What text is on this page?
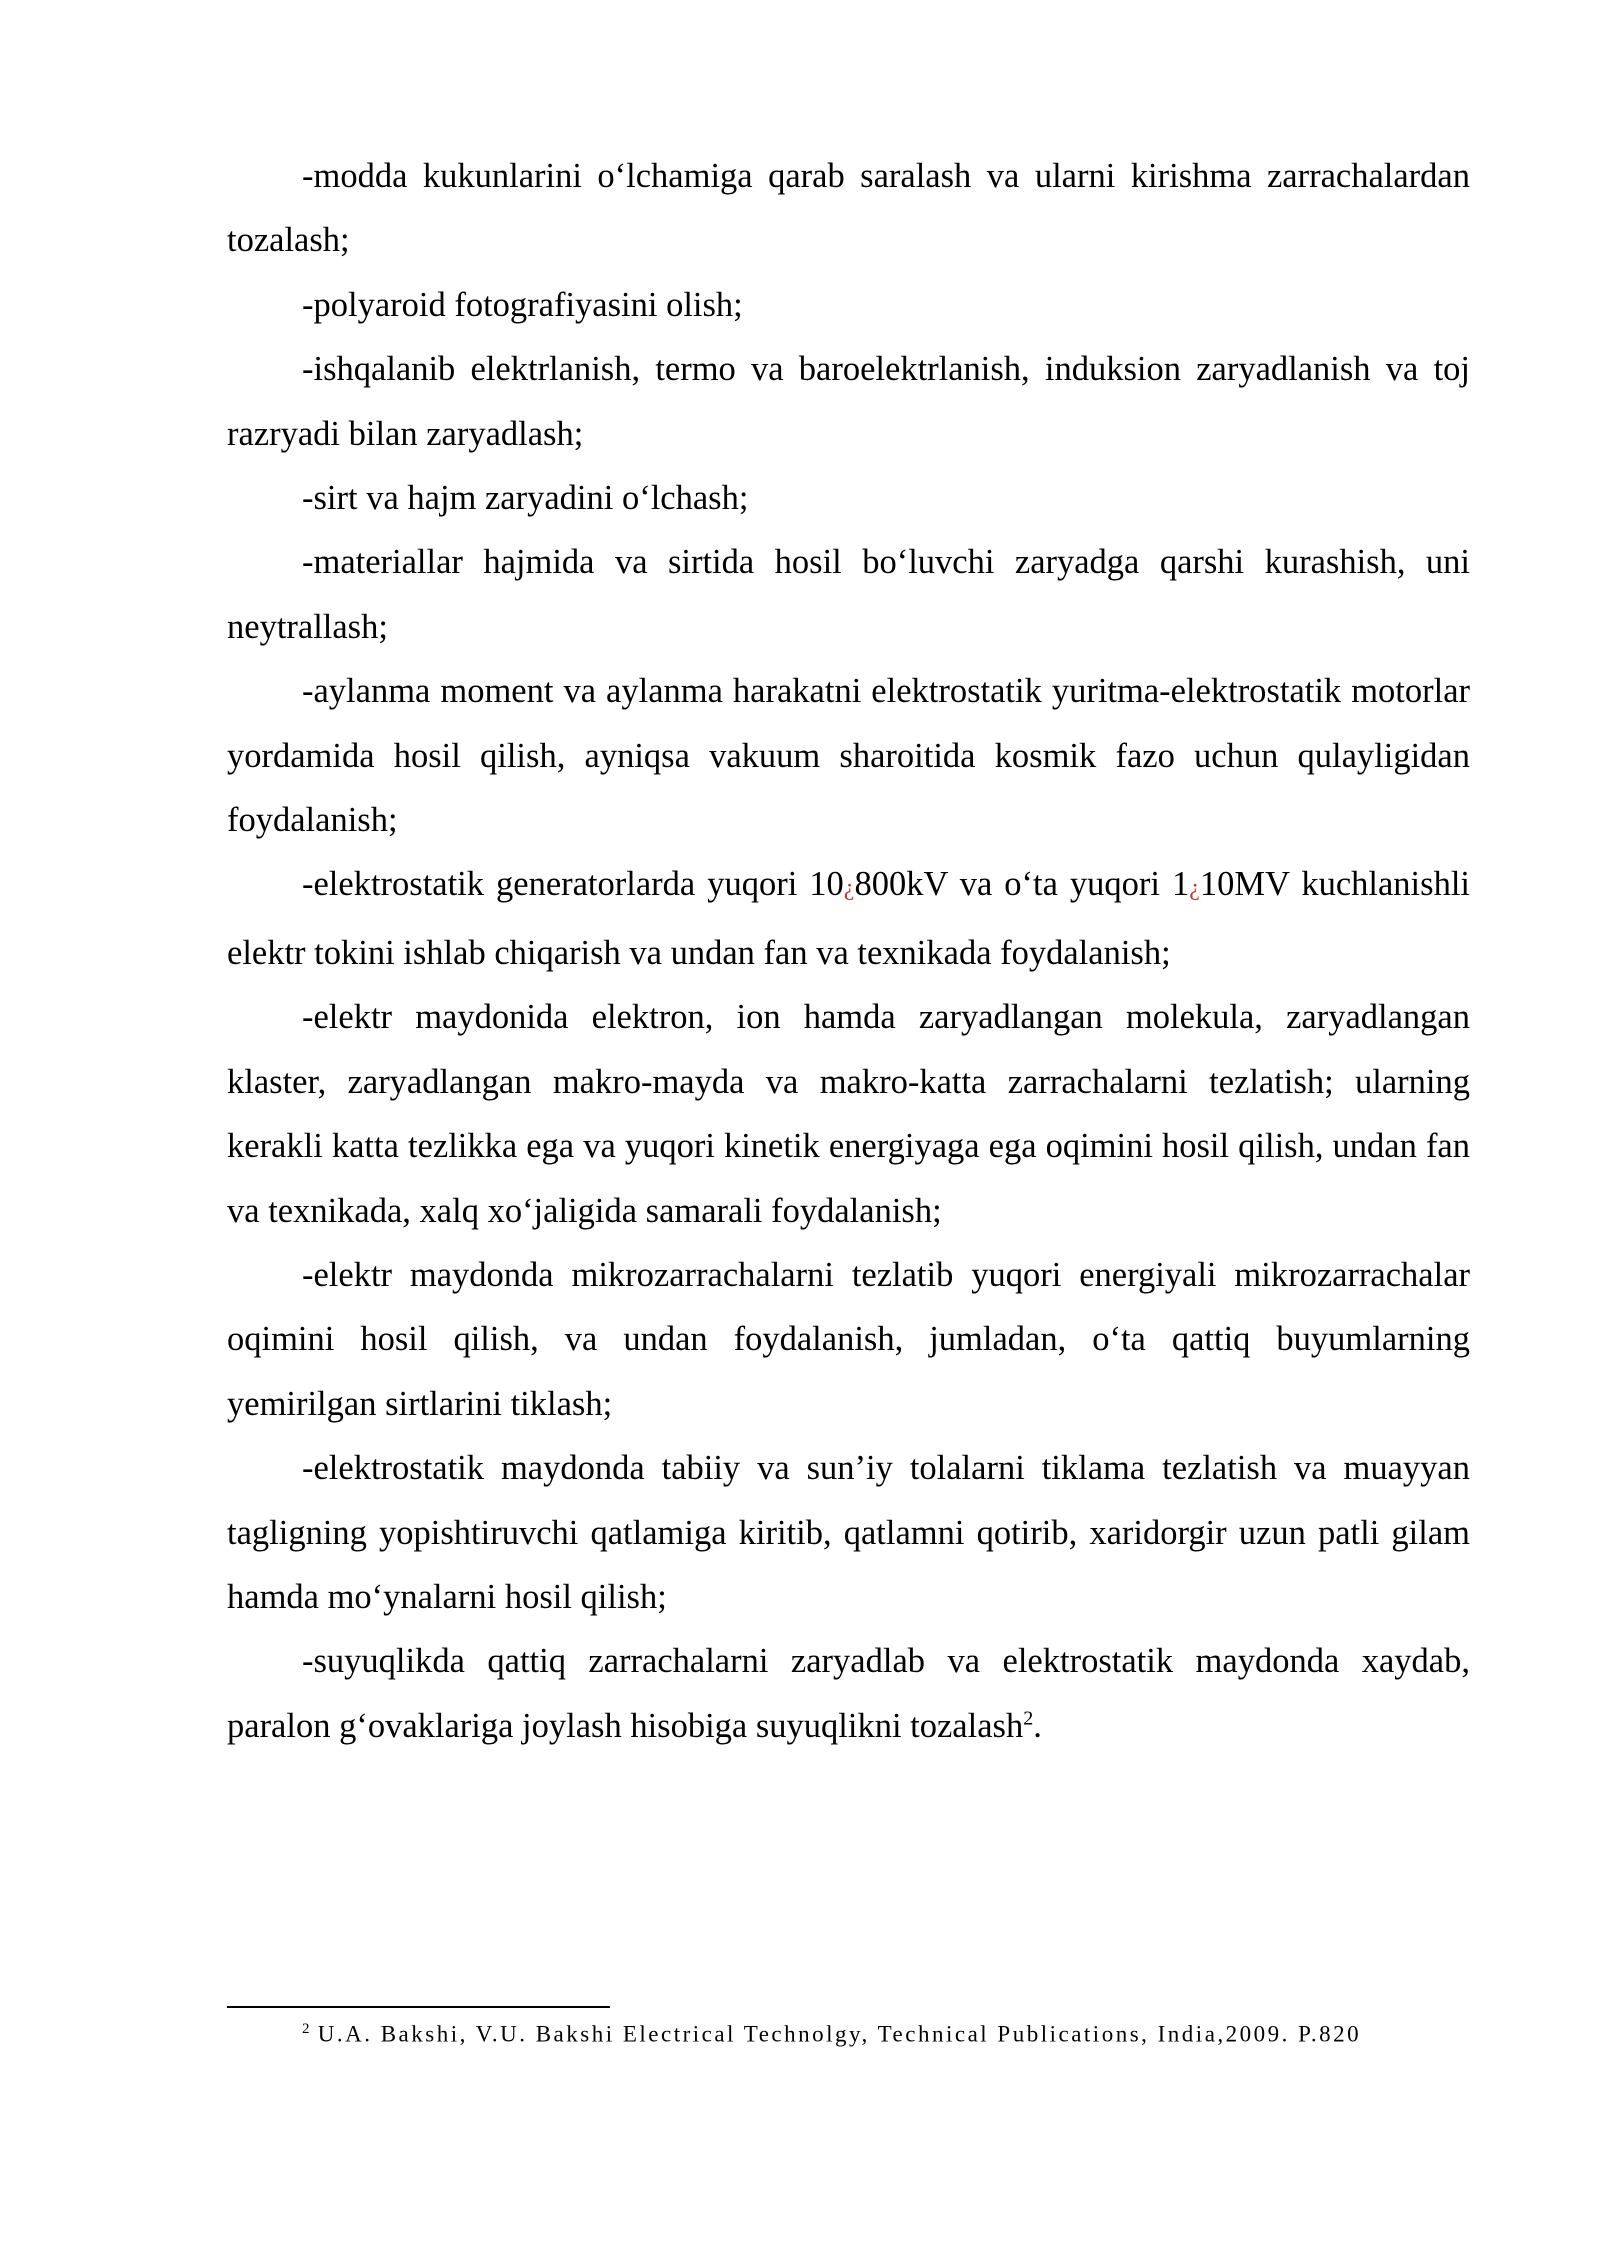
-modda kukunlarini o‘lchamiga qarab saralash va ularni kirishma zarrachalardan tozalash;

-polyaroid fotografiyasini olish;

-ishqalanib elektrlanish, termo va baroelektrlanish, induksion zaryadlanish va toj razryadi bilan zaryadlash;

-sirt va hajm zaryadini o‘lchash;

-materiallar hajmida va sirtida hosil bo‘luvchi zaryadga qarshi kurashish, uni neytrallash;

-aylanma moment va aylanma harakatni elektrostatik yuritma-elektrostatik motorlar yordamida hosil qilish, ayniqsa vakuum sharoitida kosmik fazo uchun qulayligidan foydalanish;

-elektrostatik generatorlarda yuqori 10¿800kV va o‘ta yuqori 1¿10MV kuchlanishli elektr tokini ishlab chiqarish va undan fan va texnikada foydalanish;

-elektr maydonida elektron, ion hamda zaryadlangan molekula, zaryadlangan klaster, zaryadlangan makro-mayda va makro-katta zarrachalarni tezlatish; ularning kerakli katta tezlikka ega va yuqori kinetik energiyaga ega oqimini hosil qilish, undan fan va texnikada, xalq xo‘jaligida samarali foydalanish;

-elektr maydonda mikrozarrachalarni tezlatib yuqori energiyali mikrozarrachalar oqimini hosil qilish, va undan foydalanish, jumladan, o‘ta qattiq buyumlarning yemirilgan sirtlarini tiklash;

-elektrostatik maydonda tabiiy va sun’iy tolalarni tiklama tezlatish va muayyan tagligning yopishtiruvchi qatlamiga kiritib, qatlamni qotirib, xaridorgir uzun patli gilam hamda mo‘ynalarni hosil qilish;

-suyuqlikda qattiq zarrachalarni zaryadlab va elektrostatik maydonda xaydab, paralon g‘ovaklariga joylash hisobiga suyuqlikni tozalash$^2$.

$^2$ U.A. Bakshi, V.U. Bakshi Electrical Technolgy, Technical Publications, India,2009. P.820
